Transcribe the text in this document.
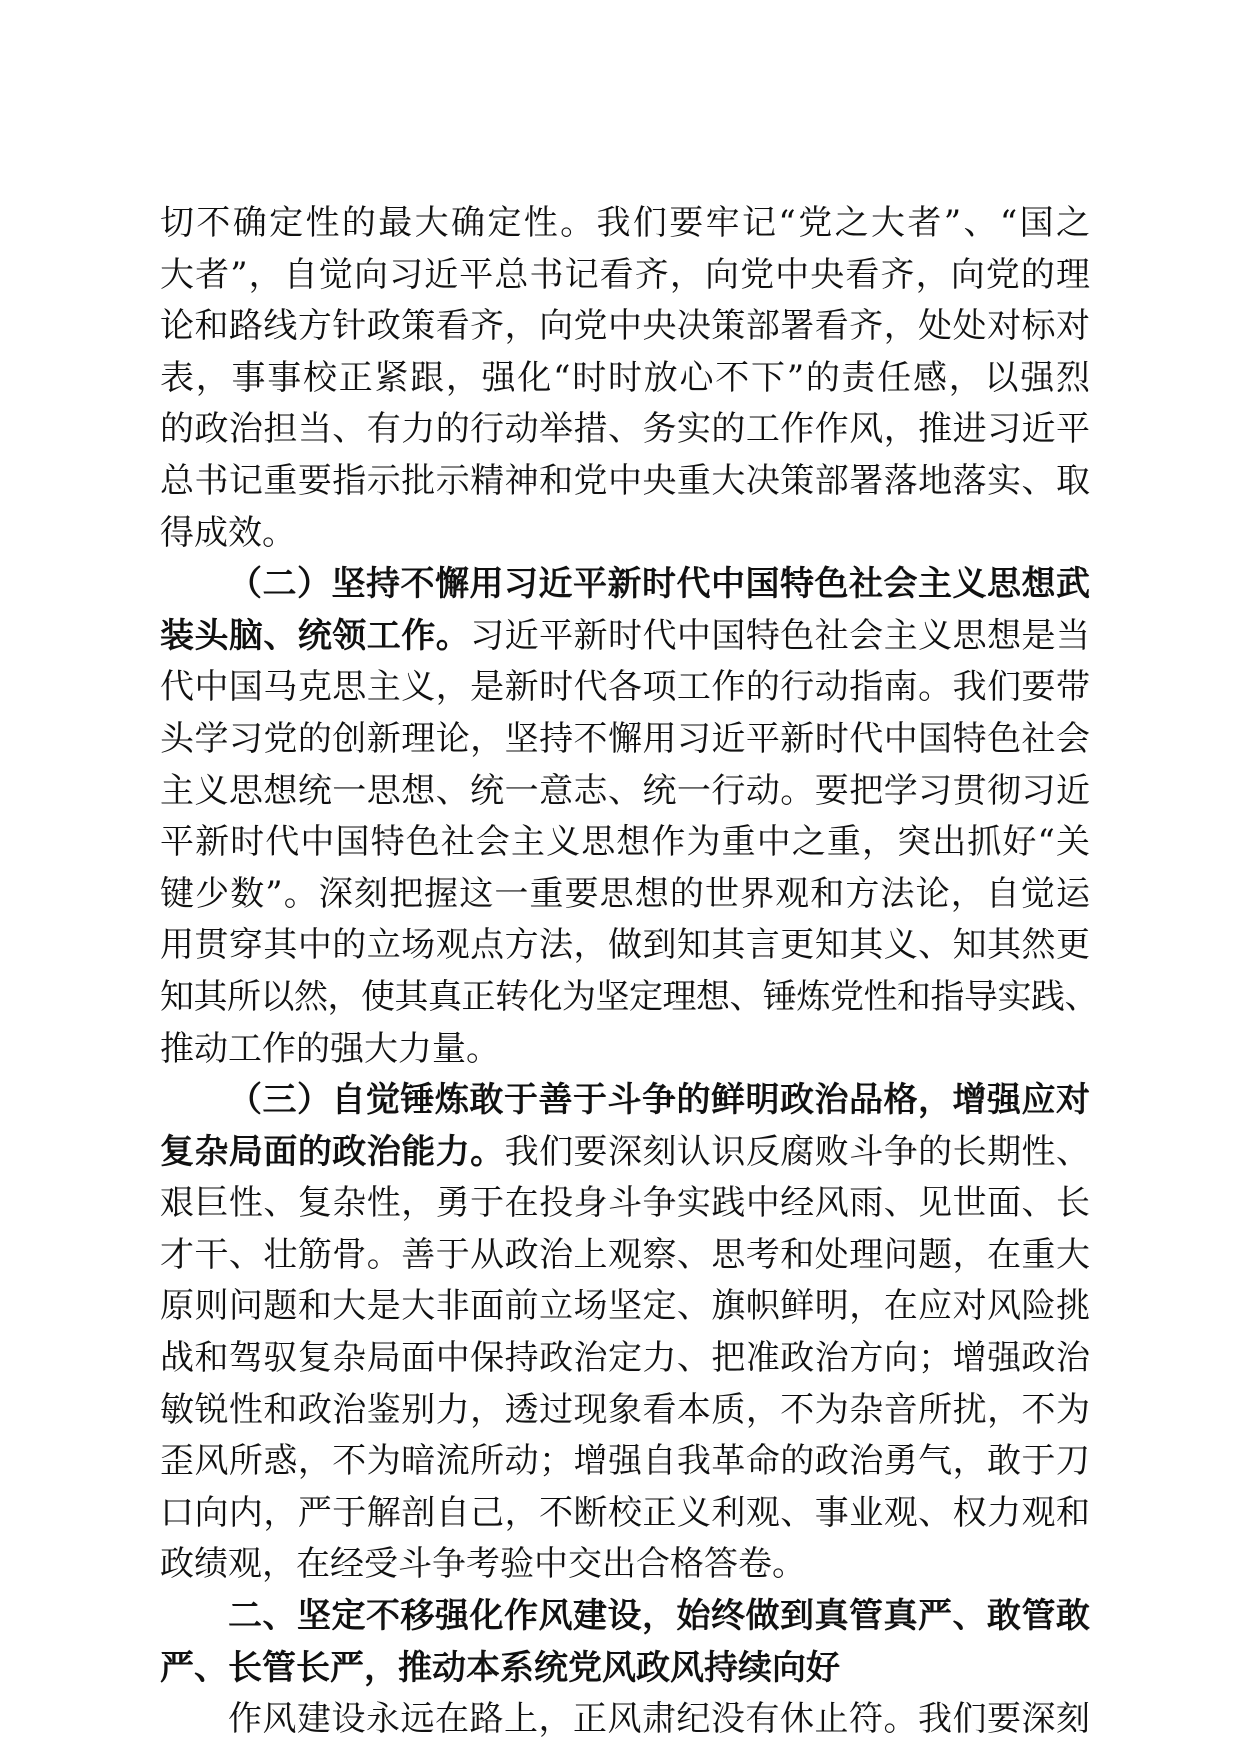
切不确定性的最大确定性。我们要牢记“党之大者”、“国之
大者”，自觉向习近平总书记看齐，向党中央看齐，向党的理
论和路线方针政策看齐，向党中央决策部署看齐，处处对标对
表，事事校正紧跟，强化“时时放心不下”的责任感，以强烈
的政治担当、有力的行动举措、务实的工作作风，推进习近平
总书记重要指示批示精神和党中央重大决策部署落地落实、取
得成效。
（二）坚持不懈用习近平新时代中国特色社会主义思想武
装头脑、统领工作。习近平新时代中国特色社会主义思想是当
代中国马克思主义，是新时代各项工作的行动指南。我们要带
头学习党的创新理论，坚持不懈用习近平新时代中国特色社会
主义思想统一思想、统一意志、统一行动。要把学习贯彻习近
平新时代中国特色社会主义思想作为重中之重，突出抓好“关
键少数”。深刻把握这一重要思想的世界观和方法论，自觉运
用贯穿其中的立场观点方法，做到知其言更知其义、知其然更
知其所以然，使其真正转化为坚定理想、锤炼党性和指导实践、
推动工作的强大力量。
（三）自觉锤炼敢于善于斗争的鲜明政治品格，增强应对
复杂局面的政治能力。我们要深刻认识反腐败斗争的长期性、
艰巨性、复杂性，勇于在投身斗争实践中经风雨、见世面、长
才干、壮筋骨。善于从政治上观察、思考和处理问题，在重大
原则问题和大是大非面前立场坚定、旗帜鲜明，在应对风险挑
战和驾驭复杂局面中保持政治定力、把准政治方向；增强政治
敏锐性和政治鉴别力，透过现象看本质，不为杂音所扰，不为
歪风所惑，不为暗流所动；增强自我革命的政治勇气，敢于刀
口向内，严于解剖自己，不断校正义利观、事业观、权力观和
政绩观，在经受斗争考验中交出合格答卷。
二、坚定不移强化作风建设，始终做到真管真严、敢管敢
严、长管长严，推动本系统党风政风持续向好
作风建设永远在路上，正风肃纪没有休止符。我们要深刻
